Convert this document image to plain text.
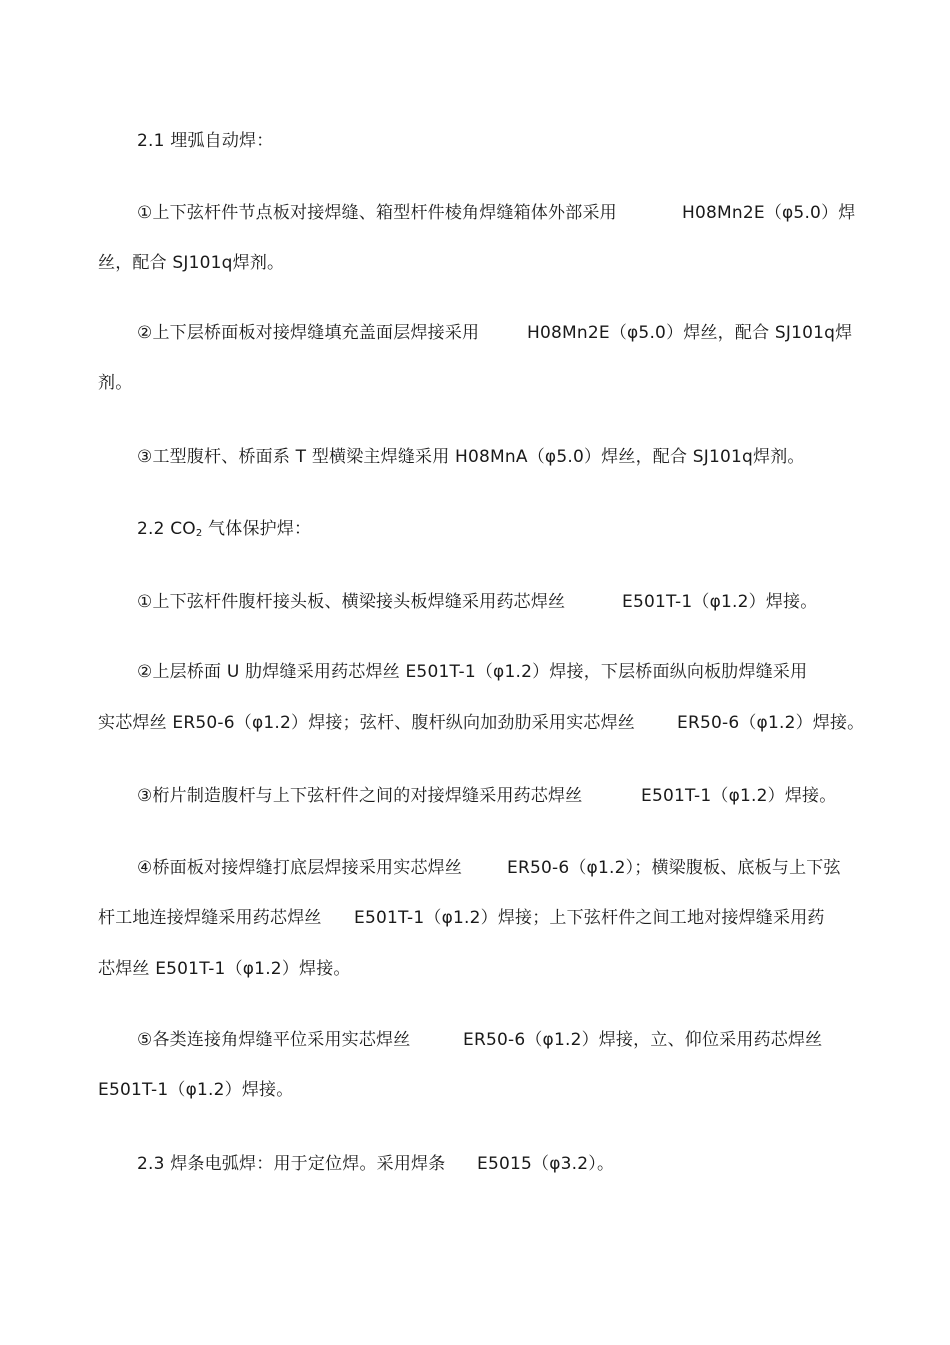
2.1 埋弧自动焊：
①上下弦杆件节点板对接焊缝、箱型杆件棱角焊缝箱体外部采用	H08Mn2E（φ5.0）焊
丝，配合 SJ101q焊剂。
②上下层桥面板对接焊缝填充盖面层焊接采用	H08Mn2E（φ5.0）焊丝，配合 SJ101q焊
剂。
③工型腹杆、桥面系 T 型横梁主焊缝采用 H08MnA（φ5.0）焊丝，配合 SJ101q焊剂。
2.2 $CO_2$ 气体保护焊：
①上下弦杆件腹杆接头板、横梁接头板焊缝采用药芯焊丝	E501T-1（φ1.2）焊接。
②上层桥面 U 肋焊缝采用药芯焊丝 E501T-1（φ1.2）焊接，下层桥面纵向板肋焊缝采用
实芯焊丝 ER50-6（φ1.2）焊接；弦杆、腹杆纵向加劲肋采用实芯焊丝 ER50-6（φ1.2）焊接。
③桁片制造腹杆与上下弦杆件之间的对接焊缝采用药芯焊丝	E501T-1（φ1.2）焊接。
④桥面板对接焊缝打底层焊接采用实芯焊丝	ER50-6（φ1.2）；横梁腹板、底板与上下弦
杆工地连接焊缝采用药芯焊丝 E501T-1（φ1.2）焊接；上下弦杆件之间工地对接焊缝采用药
芯焊丝 E501T-1（φ1.2）焊接。
⑤各类连接角焊缝平位采用实芯焊丝	ER50-6（φ1.2）焊接，立、仰位采用药芯焊丝
E501T-1（φ1.2）焊接。
2.3 焊条电弧焊：用于定位焊。采用焊条 E5015（φ3.2）。
